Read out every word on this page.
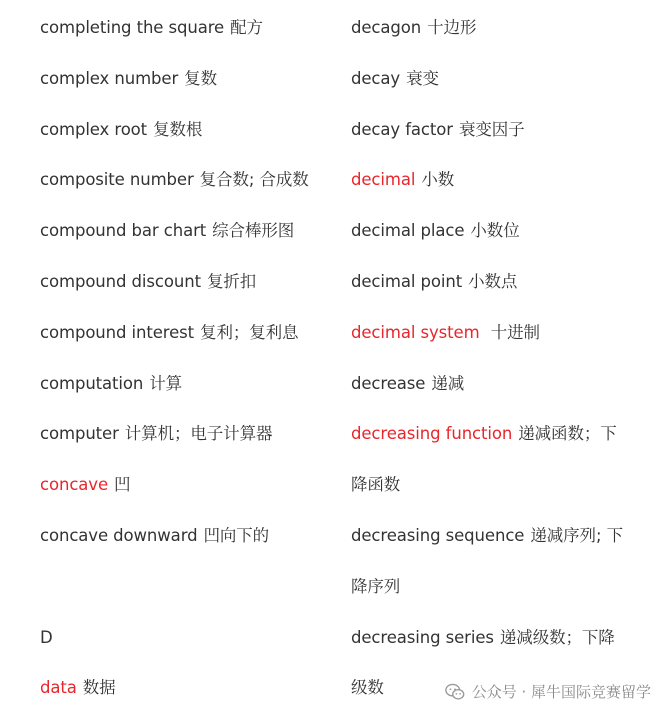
completing the square 配方
complex number 复数
complex root 复数根
composite number 复合数; 合成数
compound bar chart 综合棒形图
compound discount 复折扣
compound interest 复利；复利息
computation 计算
computer 计算机；电子计算器
concave 凹
concave downward 凹向下的
D
data 数据
decagon 十边形
decay 衰变
decay factor 衰变因子
decimal 小数
decimal place 小数位
decimal point 小数点
decimal system 十进制
decrease 递减
decreasing function 递减函数；下
降函数
decreasing sequence 递减序列; 下
降序列
decreasing series 递减级数；下降
级数	公众号 · 犀牛国际竞赛留学
